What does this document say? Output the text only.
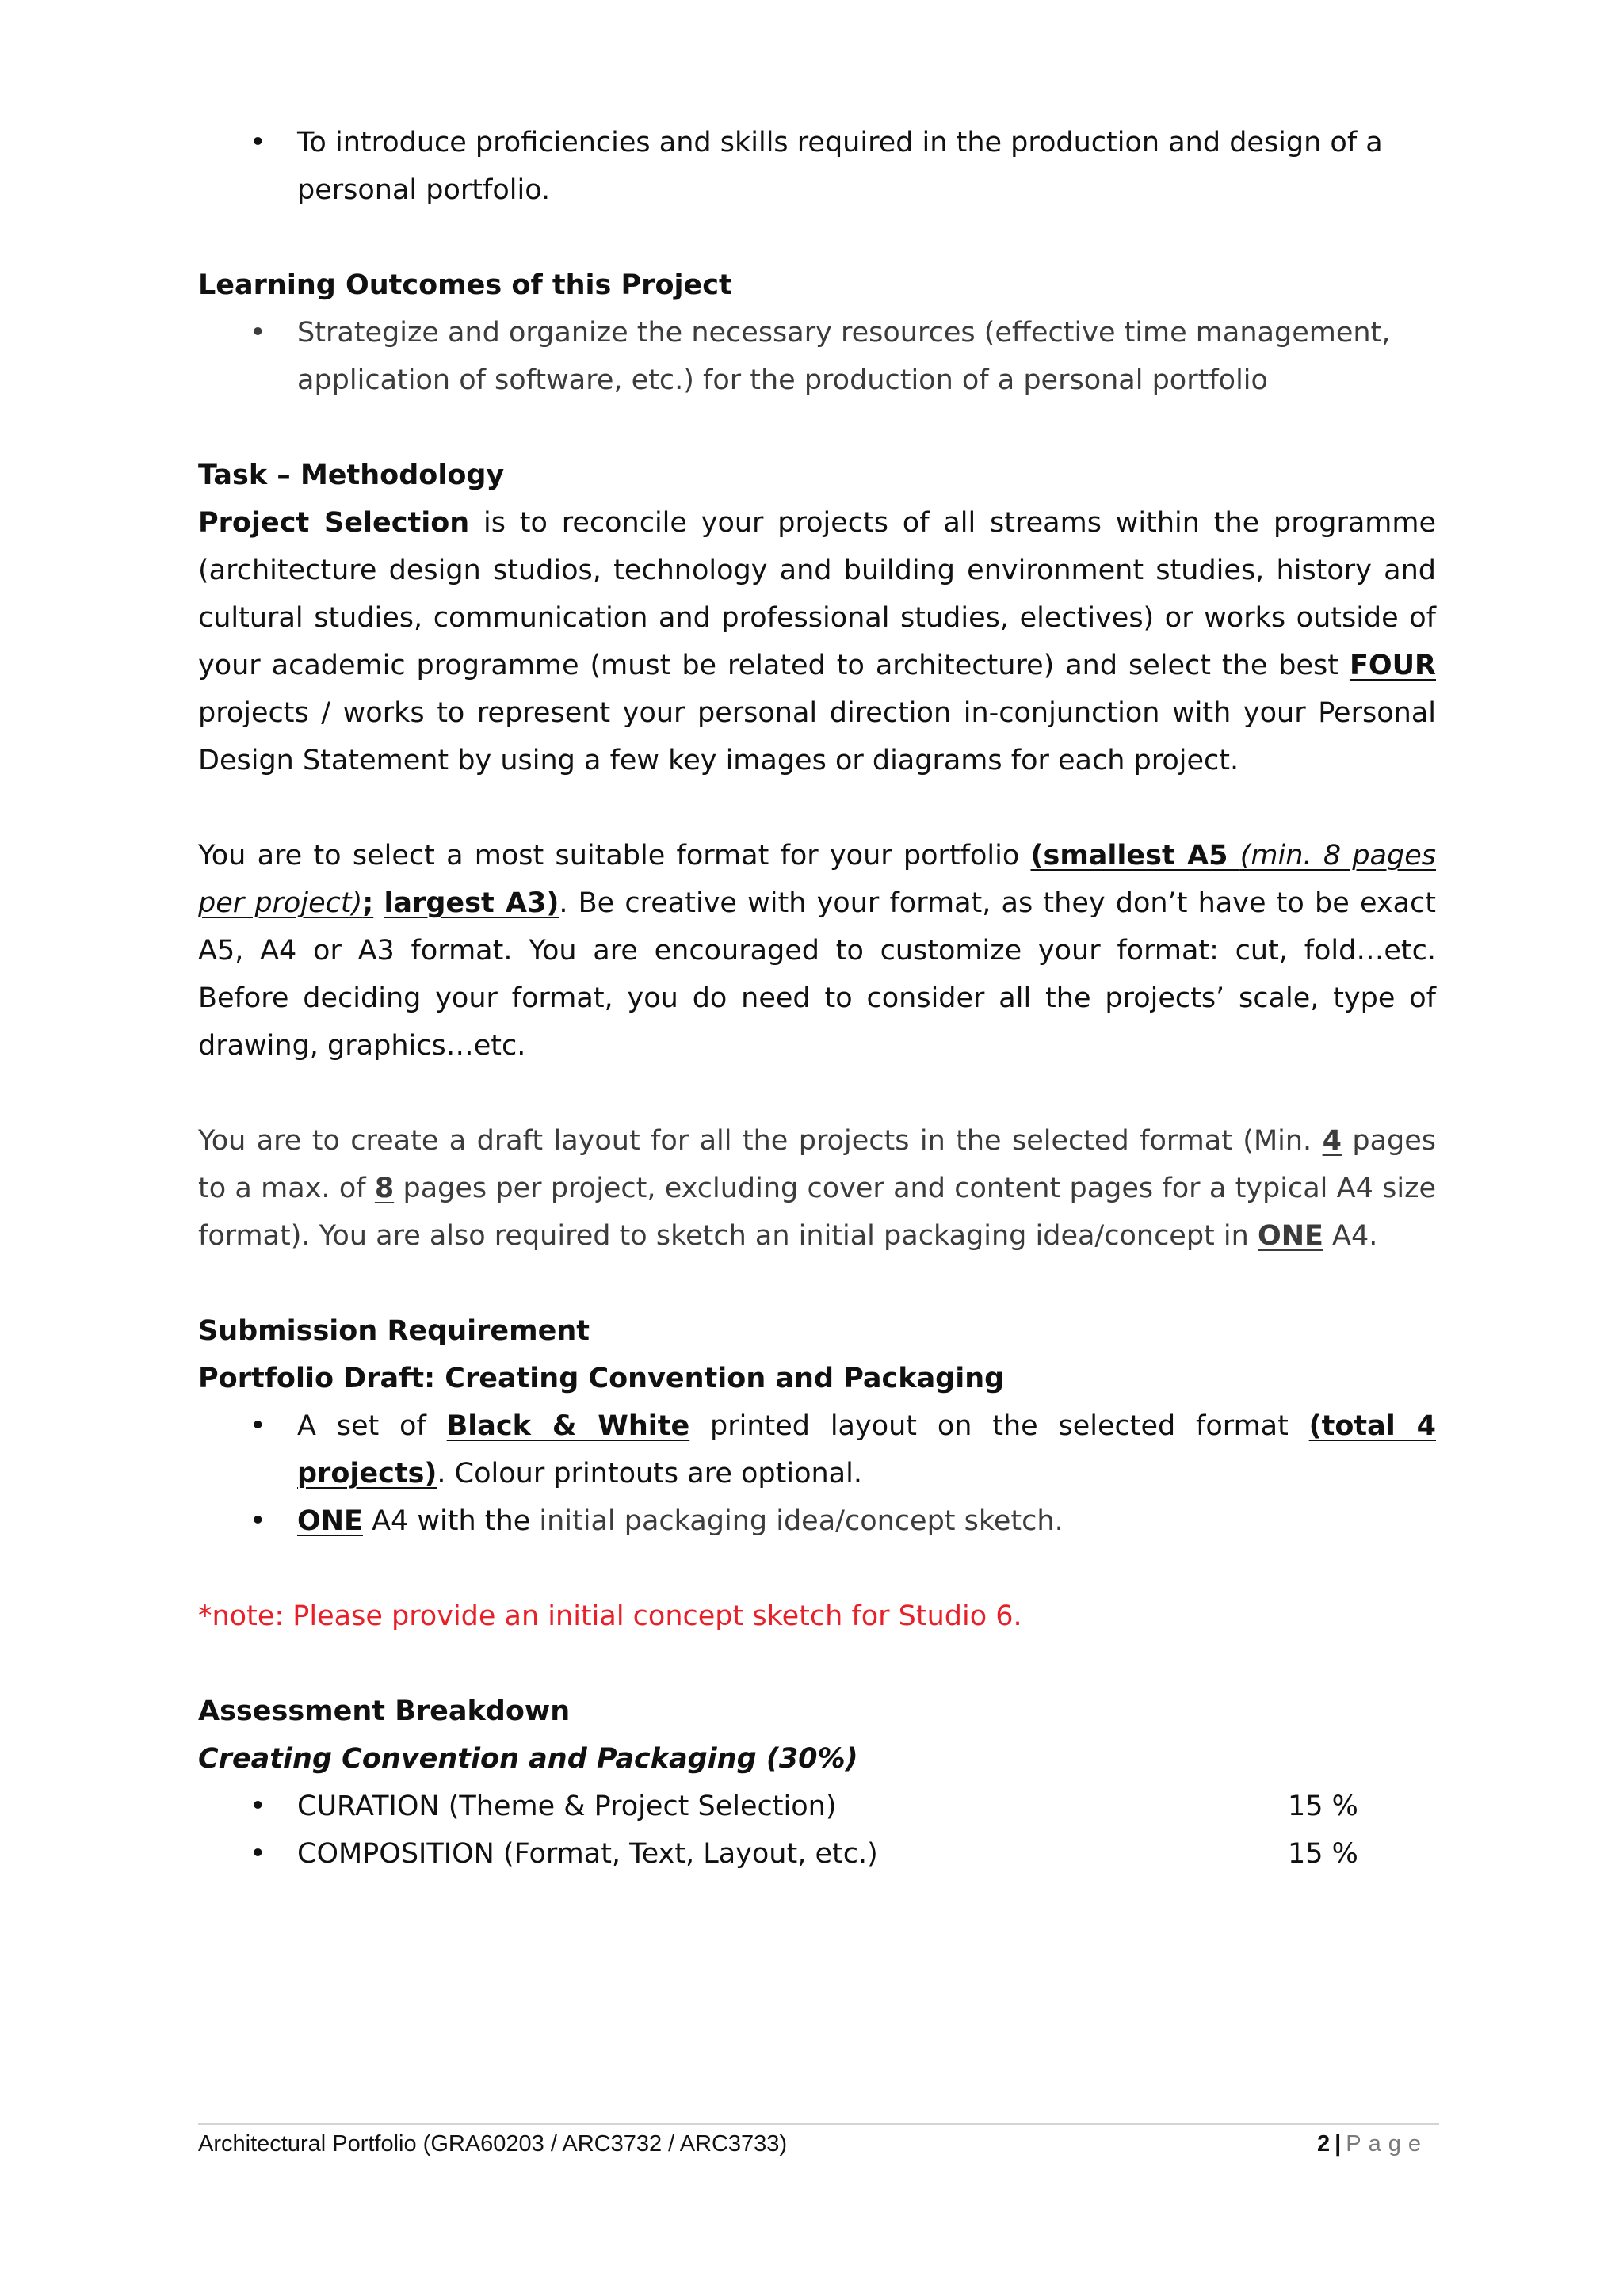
• To introduce proficiencies and skills required in the production and design of a personal portfolio.

Learning Outcomes of this Project

• Strategize and organize the necessary resources (effective time management, application of software, etc.) for the production of a personal portfolio

Task – Methodology

Project Selection is to reconcile your projects of all streams within the programme (architecture design studios, technology and building environment studies, history and cultural studies, communication and professional studies, electives) or works outside of your academic programme (must be related to architecture) and select the best FOUR projects / works to represent your personal direction in-conjunction with your Personal Design Statement by using a few key images or diagrams for each project.

You are to select a most suitable format for your portfolio (smallest A5 (min. 8 pages per project); largest A3). Be creative with your format, as they don’t have to be exact A5, A4 or A3 format. You are encouraged to customize your format: cut, fold…etc. Before deciding your format, you do need to consider all the projects’ scale, type of drawing, graphics…etc.

You are to create a draft layout for all the projects in the selected format (Min. 4 pages to a max. of 8 pages per project, excluding cover and content pages for a typical A4 size format). You are also required to sketch an initial packaging idea/concept in ONE A4.

Submission Requirement

Portfolio Draft: Creating Convention and Packaging

• A set of Black & White printed layout on the selected format (total 4 projects). Colour printouts are optional.
• ONE A4 with the initial packaging idea/concept sketch.

*note: Please provide an initial concept sketch for Studio 6.

Assessment Breakdown

Creating Convention and Packaging (30%)

• CURATION (Theme & Project Selection)	15 %
• COMPOSITION (Format, Text, Layout, etc.)	15 %
Architectural Portfolio (GRA60203 / ARC3732 / ARC3733)	2 | Page
